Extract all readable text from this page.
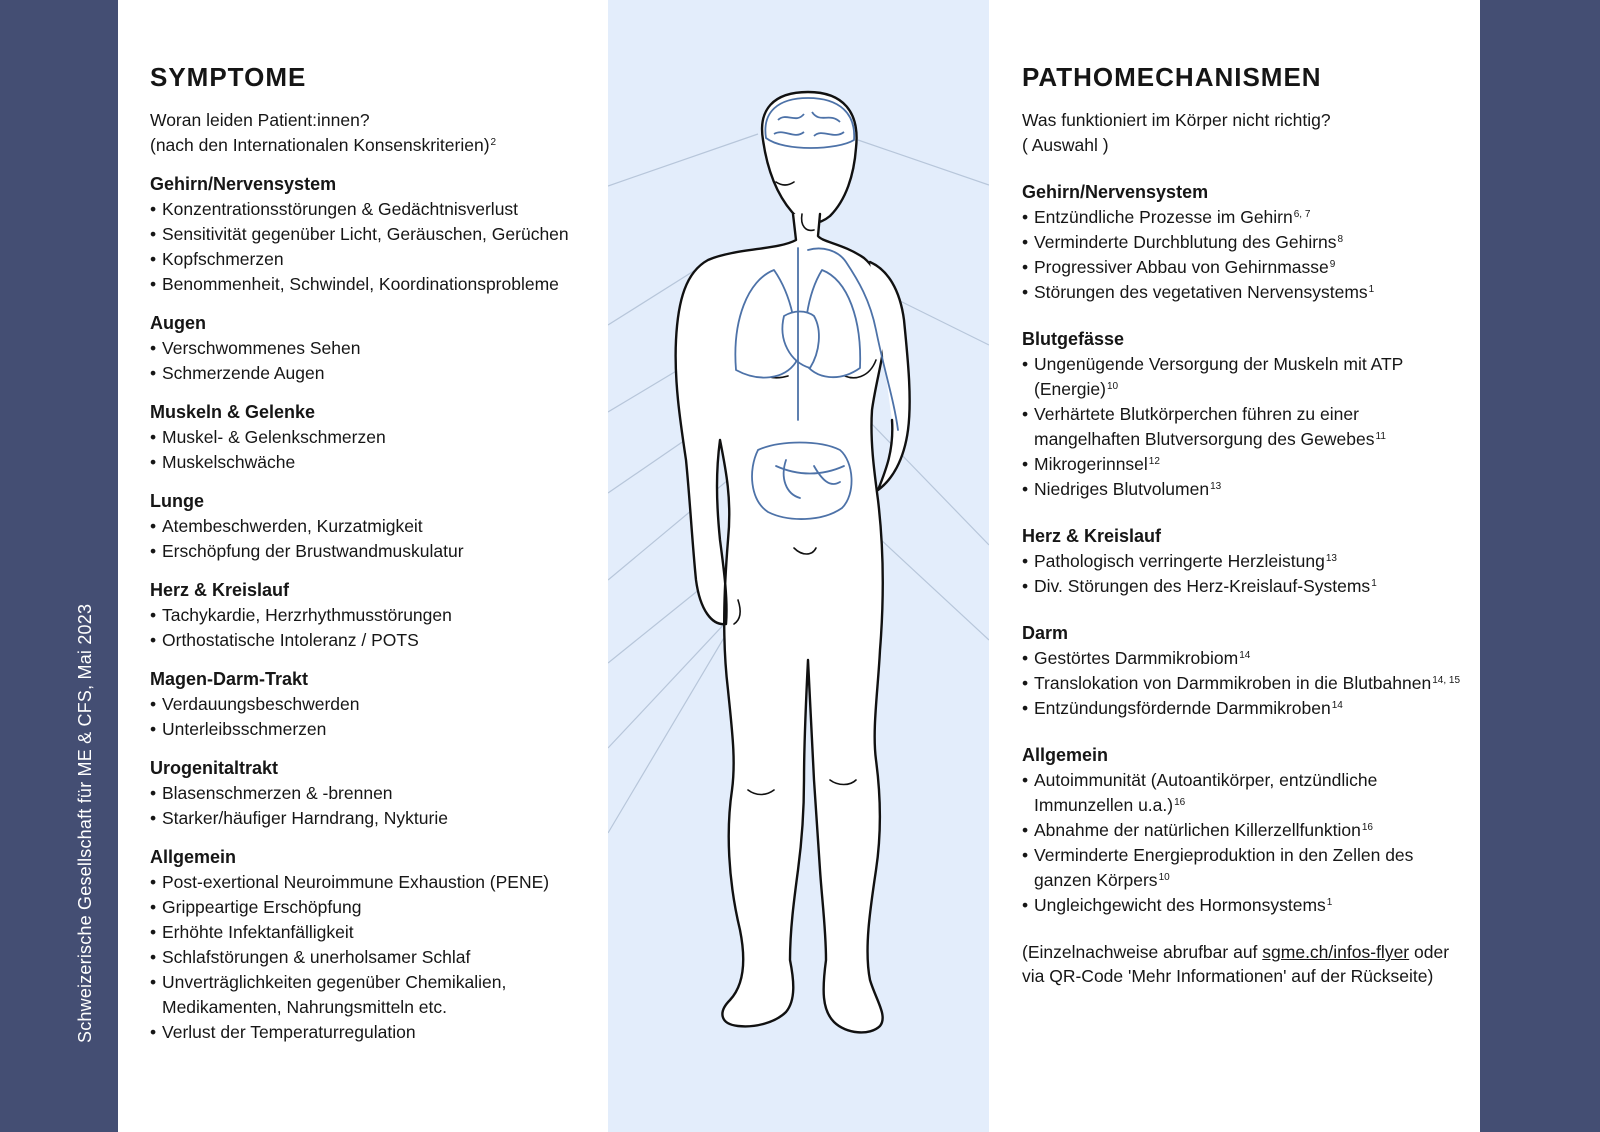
Schweizerische Gesellschaft für ME & CFS, Mai 2023
SYMPTOME
Woran leiden Patient:innen?
(nach den Internationalen Konsenskriterien)$^2$
Gehirn/Nervensystem
• Konzentrationsstörungen & Gedächtnisverlust
• Sensitivität gegenüber Licht, Geräuschen, Gerüchen
• Kopfschmerzen
• Benommenheit, Schwindel, Koordinationsprobleme
Augen
• Verschwommenes Sehen
• Schmerzende Augen
Muskeln & Gelenke
• Muskel- & Gelenkschmerzen
• Muskelschwäche
Lunge
• Atembeschwerden, Kurzatmigkeit
• Erschöpfung der Brustwandmuskulatur
Herz & Kreislauf
• Tachykardie, Herzrhythmusstörungen
• Orthostatische Intoleranz / POTS
Magen-Darm-Trakt
• Verdauungsbeschwerden
• Unterleibsschmerzen
Urogenitaltrakt
• Blasenschmerzen & -brennen
• Starker/häufiger Harndrang, Nykturie
Allgemein
• Post-exertional Neuroimmune Exhaustion (PENE)
• Grippeartige Erschöpfung
• Erhöhte Infektanfälligkeit
• Schlafstörungen & unerholsamer Schlaf
• Unverträglichkeiten gegenüber Chemikalien, Medikamenten, Nahrungsmitteln etc.
• Verlust der Temperaturregulation
PATHOMECHANISMEN
Was funktioniert im Körper nicht richtig?
( Auswahl )
Gehirn/Nervensystem
• Entzündliche Prozesse im Gehirn$^{6, 7}$
• Verminderte Durchblutung des Gehirns$^8$
• Progressiver Abbau von Gehirnmasse$^9$
• Störungen des vegetativen Nervensystems$^1$
Blutgefässe
• Ungenügende Versorgung der Muskeln mit ATP (Energie)$^{10}$
• Verhärtete Blutkörperchen führen zu einer mangelhaften Blutversorgung des Gewebes$^{11}$
• Mikrogerinnsel$^{12}$
• Niedriges Blutvolumen$^{13}$
Herz & Kreislauf
• Pathologisch verringerte Herzleistung$^{13}$
• Div. Störungen des Herz-Kreislauf-Systems$^1$
Darm
• Gestörtes Darmmikrobiom$^{14}$
• Translokation von Darmmikroben in die Blutbahnen$^{14, 15}$
• Entzündungsfördernde Darmmikroben$^{14}$
Allgemein
• Autoimmunität (Autoantikörper, entzündliche Immunzellen u.a.)$^{16}$
• Abnahme der natürlichen Killerzellfunktion$^{16}$
• Verminderte Energieproduktion in den Zellen des ganzen Körpers$^{10}$
• Ungleichgewicht des Hormonsystems$^1$
(Einzelnachweise abrufbar auf sgme.ch/infos-flyer oder via QR-Code 'Mehr Informationen' auf der Rückseite)
